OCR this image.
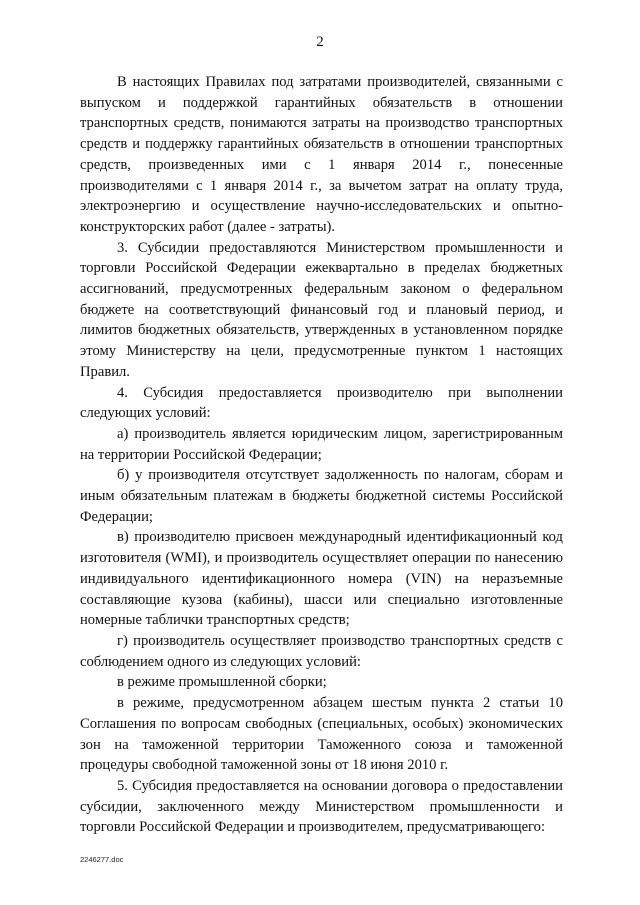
2

В настоящих Правилах под затратами производителей, связанными с выпуском и поддержкой гарантийных обязательств в отношении транспортных средств, понимаются затраты на производство транспортных средств и поддержку гарантийных обязательств в отношении транспортных средств, произведенных ими с 1 января 2014 г., понесенные производителями с 1 января 2014 г., за вычетом затрат на оплату труда, электроэнергию и осуществление научно-исследовательских и опытно-конструкторских работ (далее - затраты).

3. Субсидии предоставляются Министерством промышленности и торговли Российской Федерации ежеквартально в пределах бюджетных ассигнований, предусмотренных федеральным законом о федеральном бюджете на соответствующий финансовый год и плановый период, и лимитов бюджетных обязательств, утвержденных в установленном порядке этому Министерству на цели, предусмотренные пунктом 1 настоящих Правил.

4. Субсидия предоставляется производителю при выполнении следующих условий:

а) производитель является юридическим лицом, зарегистрированным на территории Российской Федерации;

б) у производителя отсутствует задолженность по налогам, сборам и иным обязательным платежам в бюджеты бюджетной системы Российской Федерации;

в) производителю присвоен международный идентификационный код изготовителя (WMI), и производитель осуществляет операции по нанесению индивидуального идентификационного номера (VIN) на неразъемные составляющие кузова (кабины), шасси или специально изготовленные номерные таблички транспортных средств;

г) производитель осуществляет производство транспортных средств с соблюдением одного из следующих условий:

в режиме промышленной сборки;

в режиме, предусмотренном абзацем шестым пункта 2 статьи 10 Соглашения по вопросам свободных (специальных, особых) экономических зон на таможенной территории Таможенного союза и таможенной процедуры свободной таможенной зоны от 18 июня 2010 г.

5. Субсидия предоставляется на основании договора о предоставлении субсидии, заключенного между Министерством промышленности и торговли Российской Федерации и производителем, предусматривающего:

2246277.doc
